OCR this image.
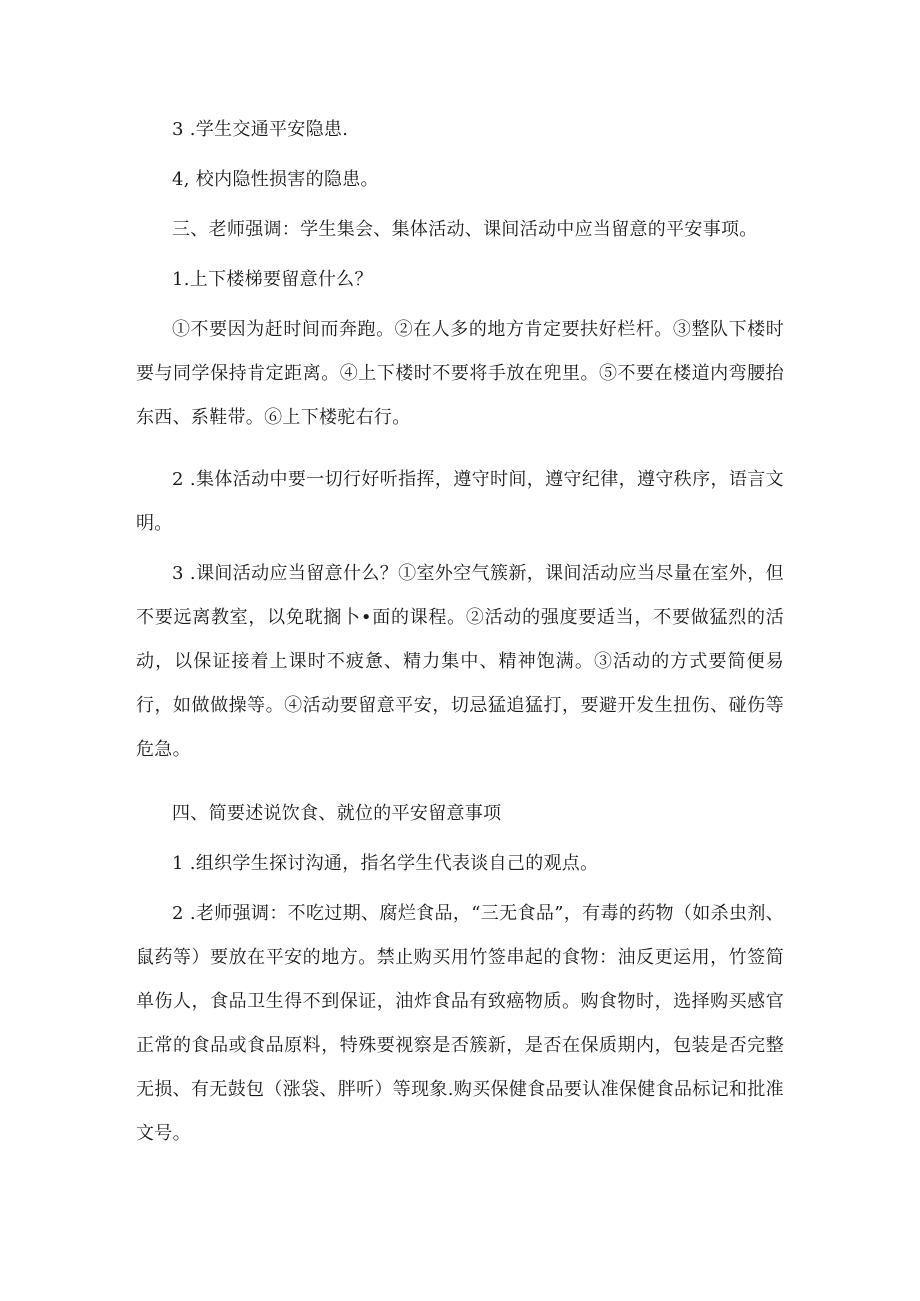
3 .学生交通平安隐患.

4, 校内隐性损害的隐患。

三、老师强调：学生集会、集体活动、课间活动中应当留意的平安事项。

1.上下楼梯要留意什么？

①不要因为赶时间而奔跑。②在人多的地方肯定要扶好栏杆。③整队下楼时要与同学保持肯定距离。④上下楼时不要将手放在兜里。⑤不要在楼道内弯腰抬东西、系鞋带。⑥上下楼驼右行。

2 .集体活动中要一切行好听指挥，遵守时间，遵守纪律，遵守秩序，语言文明。

3 .课间活动应当留意什么？①室外空气簇新，课间活动应当尽量在室外，但不要远离教室，以免耽搁卜•面的课程。②活动的强度要适当，不要做猛烈的活动，以保证接着上课时不疲惫、精力集中、精神饱满。③活动的方式要简便易行，如做做操等。④活动要留意平安，切忌猛追猛打，要避开发生扭伤、碰伤等危急。

四、简要述说饮食、就位的平安留意事项

1 .组织学生探讨沟通，指名学生代表谈自己的观点。

2 .老师强调：不吃过期、腐烂食品，“三无食品”，有毒的药物（如杀虫剂、鼠药等）要放在平安的地方。禁止购买用竹签串起的食物：油反更运用，竹签简单伤人，食品卫生得不到保证，油炸食品有致癌物质。购食物时，选择购买感官正常的食品或食品原料，特殊要视察是否簇新，是否在保质期内，包装是否完整无损、有无鼓包（涨袋、胖听）等现象.购买保健食品要认准保健食品标记和批准文号。
